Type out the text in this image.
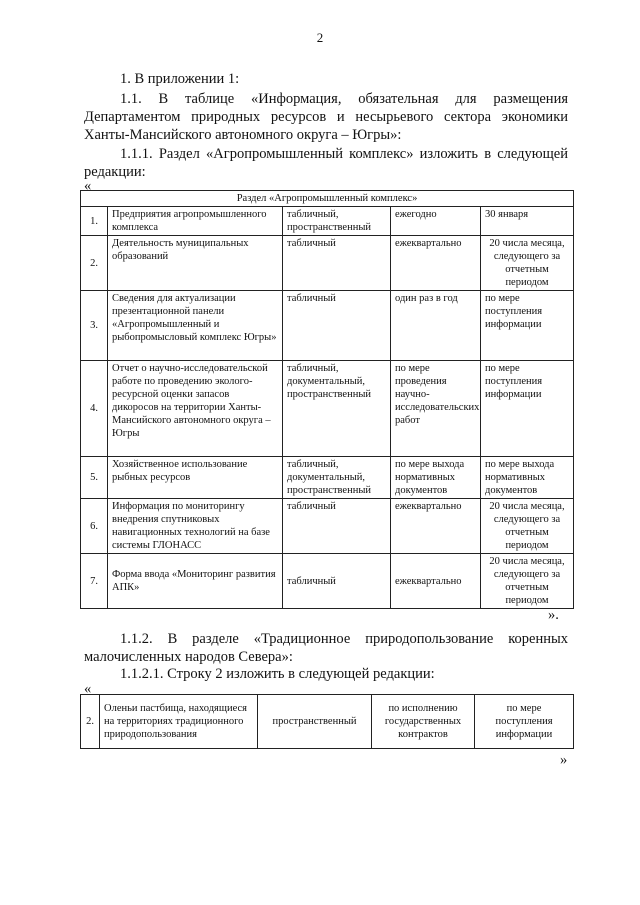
2
1. В приложении 1:
1.1. В таблице «Информация, обязательная для размещения Департаментом природных ресурсов и несырьевого сектора экономики Ханты-Мансийского автономного округа – Югры»:
1.1.1. Раздел «Агропромышленный комплекс» изложить в следующей редакции:
«
Раздел «Агропромышленный комплекс»				
1.	Предприятия агропромышленного комплекса	табличный, пространственный	ежегодно	30 января
2.	Деятельность муниципальных образований	табличный	ежеквартально	20 числа месяца, следующего за отчетным периодом
3.	Сведения для актуализации презентационной панели «Агропромышленный и рыбопромысловый комплекс Югры»	табличный	один раз в год	по мере поступления информации
4.	Отчет о научно-исследовательской работе по проведению эколого-ресурсной оценки запасов дикоросов на территории Ханты-Мансийского автономного округа – Югры	табличный, документальный, пространственный	по мере проведения научно-исследовательских работ	по мере поступления информации
5.	Хозяйственное использование рыбных ресурсов	табличный, документальный, пространственный	по мере выхода нормативных документов	по мере выхода нормативных документов
6.	Информация по мониторингу внедрения спутниковых навигационных технологий на базе системы ГЛОНАСС	табличный	ежеквартально	20 числа месяца, следующего за отчетным периодом
7.	Форма ввода «Мониторинг развития АПК»	табличный	ежеквартально	20 числа месяца, следующего за отчетным периодом
».
1.1.2. В разделе «Традиционное природопользование коренных малочисленных народов Севера»:
1.1.2.1. Строку 2 изложить в следующей редакции:
«
2.	Оленьи пастбища, находящиеся на территориях традиционного природопользования	пространственный	по исполнению государственных контрактов	по мере поступления информации
»
